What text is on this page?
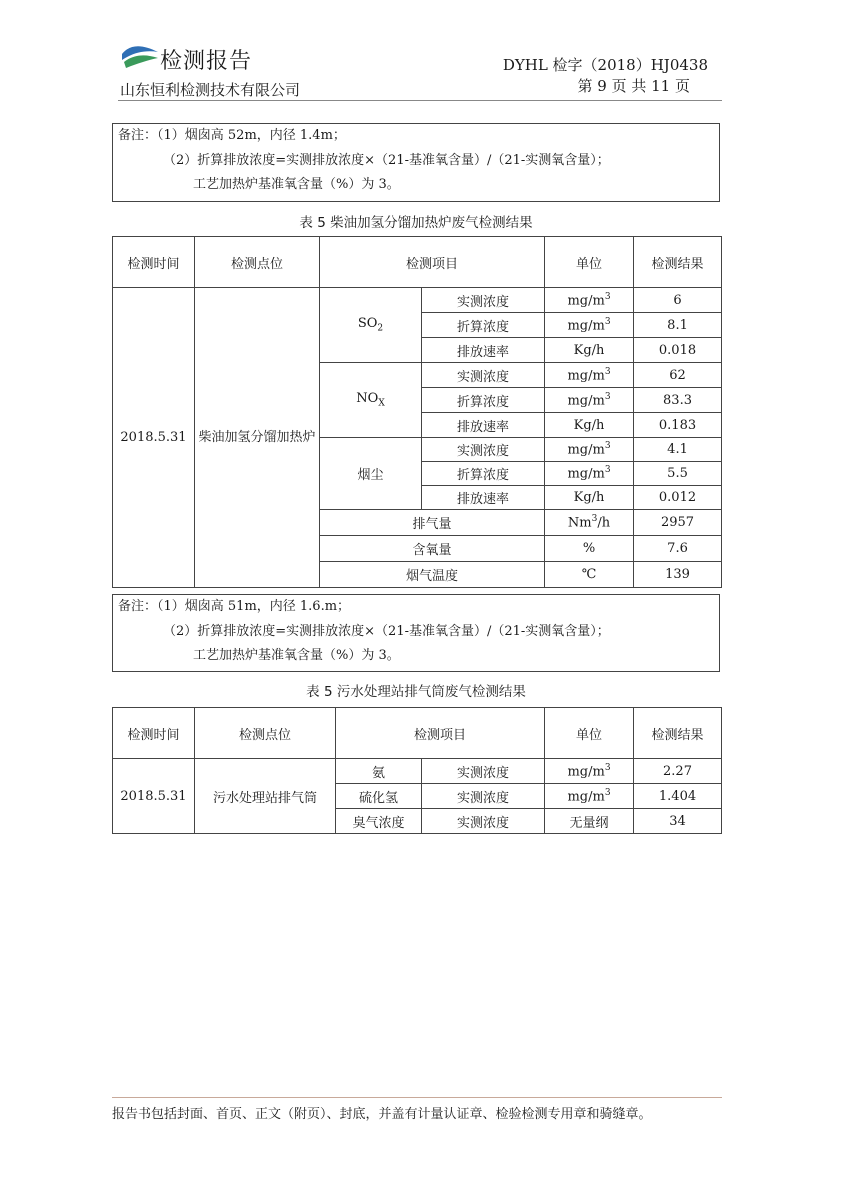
检测报告
山东恒利检测技术有限公司
DYHL 检字（2018）HJ0438
第 9 页 共 11 页
备注：（1）烟囱高 52m，内径 1.4m；
（2）折算排放浓度=实测排放浓度×（21-基准氧含量）/（21-实测氧含量）；
工艺加热炉基准氧含量（%）为 3。
表 5 柴油加氢分馏加热炉废气检测结果
检测时间	检测点位	检测项目		单位	检测结果
2018.5.31	柴油加氢分馏加热炉	$SO_2$	实测浓度	$mg/m^3$	6
			折算浓度	$mg/m^3$	8.1
			排放速率	Kg/h	0.018
		$NO_X$	实测浓度	$mg/m^3$	62
			折算浓度	$mg/m^3$	83.3
			排放速率	Kg/h	0.183
		烟尘	实测浓度	$mg/m^3$	4.1
			折算浓度	$mg/m^3$	5.5
			排放速率	Kg/h	0.012
		排气量		Nm$^3$/h	2957
		含氧量		%	7.6
		烟气温度		℃	139
备注：（1）烟囱高 51m，内径 1.6.m；
（2）折算排放浓度=实测排放浓度×（21-基准氧含量）/（21-实测氧含量）；
工艺加热炉基准氧含量（%）为 3。
表 5 污水处理站排气筒废气检测结果
检测时间	检测点位	检测项目		单位	检测结果
2018.5.31	污水处理站排气筒	氨	实测浓度	$mg/m^3$	2.27
		硫化氢	实测浓度	$mg/m^3$	1.404
		臭气浓度	实测浓度	无量纲	34
报告书包括封面、首页、正文（附页）、封底，并盖有计量认证章、检验检测专用章和骑缝章。
